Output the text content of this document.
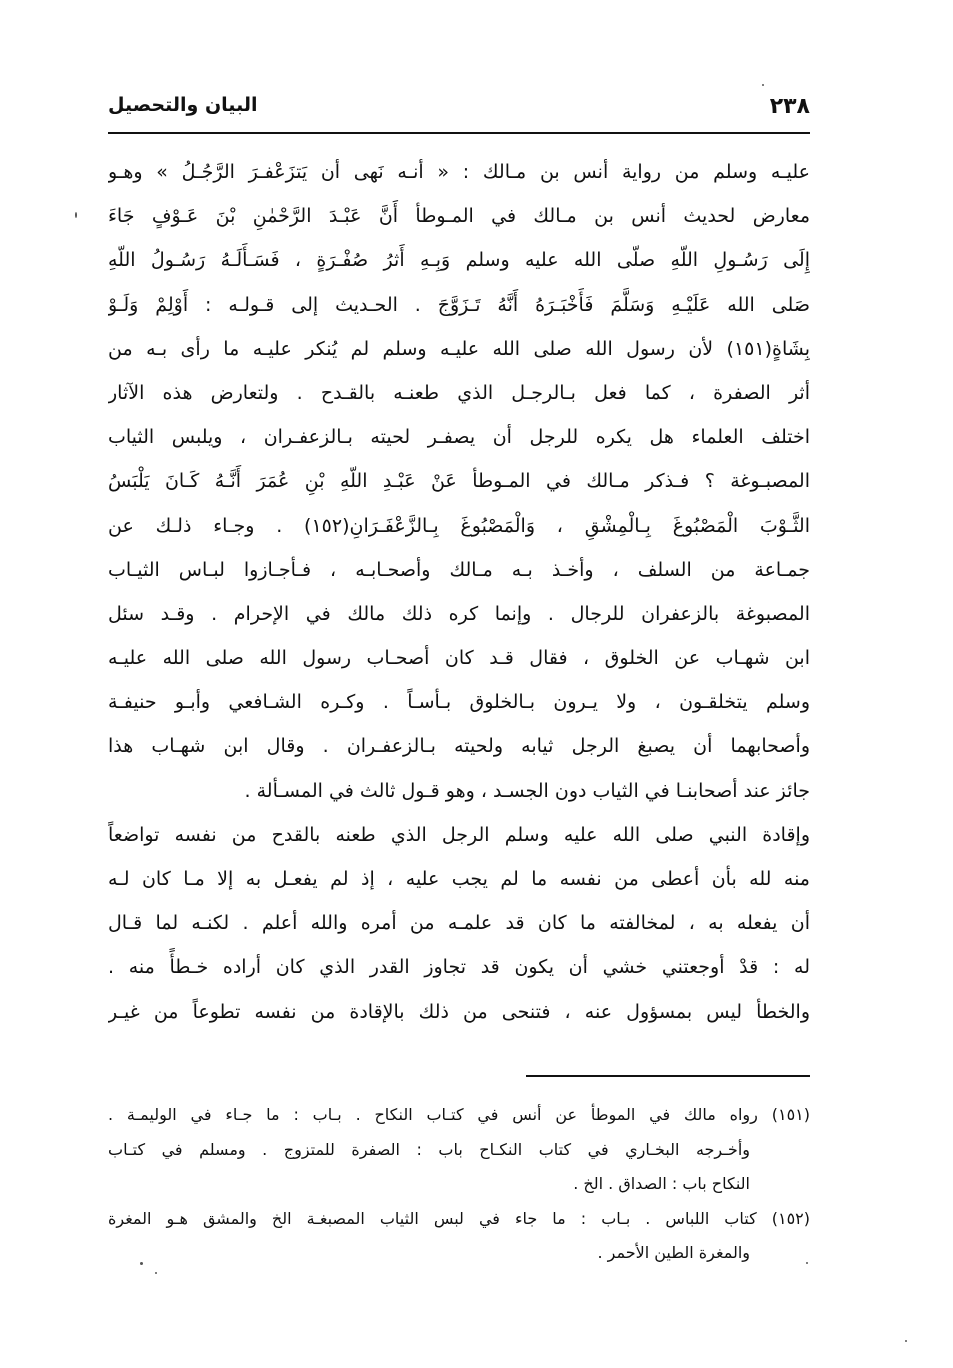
٢٣٨
البيان والتحصيل
عليـه وسلم من رواية أنس بن مـالك : « أنـه نَهى أن يَتزَعْفـرَ الرَّجُـلُ » وهـو
معارض لحديث أنس بن مـالك في المـوطأ أَنَّ عَبْـدَ الرَّحْمٰنِ بْنَ عَـوْفٍ جَاءَ
إِلَى رَسُـولِ اللّهِ صلّى الله عليه وسلم وَبِـهِ أَثرُ صُفْـرَةٍ ، فَسَـأَلَـهُ رَسُـولُ اللّهِ
صَلى الله عَلَيْـهِ وَسَلَّمَ فَأَخْبَـرَهُ أَنَّهُ تَـزَوَّجَ . الحـديث إلى قـولـه : أَوْلِمْ وَلَـوْ
بِشَاةٍ(١٥١) لأن رسول الله صلى الله عليـه وسلم لم يُنكر عليـه ما رأى بـه من
أثر الصفرة ، كما فعل بـالرجـل الذي طعنـه بالقـدح . ولتعارض هذه الآثار
اختلف العلماء هل يكره للرجل أن يصفـر لحيته بـالزعفـران ، ويلبس الثياب
المصبـوغة ؟ فـذكر مـالك في المـوطأ عَنْ عَبْـدِ اللّهِ بْنِ عُمَرَ أَنَّـهُ كَـانَ يَلْبَسُ
الثَّـوْبَ الْمَصْبُوغَ بِـالْمِشْقِ ، وَالْمَصْبُوغَ بِـالزَّعْفَـرَانِ(١٥٢) . وجـاء ذلـك عن
جمـاعة من السلف ، وأخـذ بـه مـالك وأصحـابـه ، فـأجـازوا لبـاس الثيـاب
المصبوغة بالزعفران للرجال . وإنما كره ذلك مالك في الإحرام . وقـد سئل
ابن شهـاب عن الخلوق ، فقال قـد كان أصحـاب رسول الله صلى الله عليـه
وسلم يتخلقـون ، ولا يـرون بـالخلوق بـأسـاً . وكـره الشـافعي وأبـو حنيفـة
وأصحابهما أن يصبغ الرجل ثيابه ولحيته بـالزعفـران . وقال ابن شهـاب هذا
جائز عند أصحابنـا في الثياب دون الجسـد ، وهو قـول ثالث في المسـألة .
وإقادة النبي صلى الله عليه وسلم الرجل الذي طعنه بالقدح من نفسه تواضعاً
منه لله بأن أعطى من نفسه ما لم يجب عليه ، إذ لم يفعـل به إلا مـا كان لـه
أن يفعله به ، لمخالفته ما كان قد علمـه من أمره والله أعلم . لكنـه لما قـال
له : قدْ أوجعتني خشي أن يكون قد تجاوز القدر الذي كان أراده خـطأً منه .
والخطأ ليس بمسؤول عنه ، فتنحى من ذلك بالإقادة من نفسه تطوعاً من غيـر
(١٥١) رواه مالك في الموطأ عن أنس في كتـاب النكاح . بـاب : ما جـاء في الوليمـة .
وأخـرجه البخـاري في كتاب النكـاح باب : الصفرة للمتزوج . ومسلم في كتـاب
النكاح باب : الصداق . الخ .
(١٥٢) كتاب اللباس . بـاب : ما جاء في لبس الثياب المصبغـة الخ والمشق هـو المغرة
والمغرة الطين الأحمر .
